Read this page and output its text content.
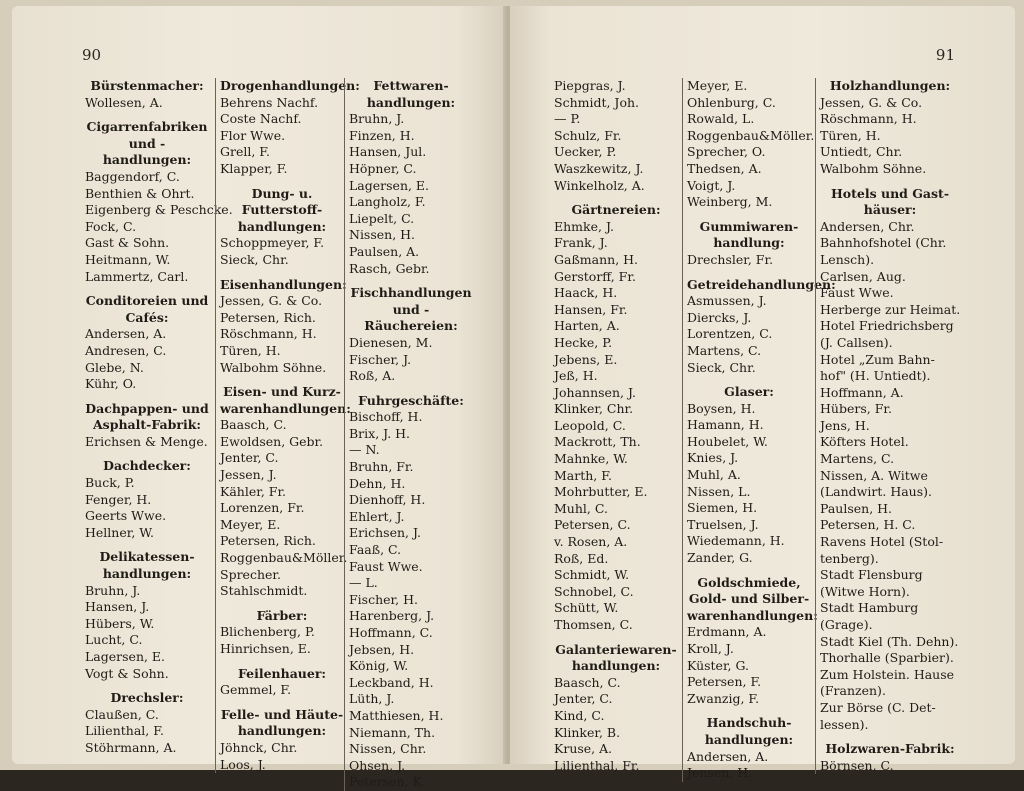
90
Bürstenmacher:
Wollesen, A.
Cigarrenfabriken und -handlungen:
Baggendorf, C.
Benthien & Ohrt.
Eigenberg & Peschcke.
Fock, C.
Gast & Sohn.
Heitmann, W.
Lammertz, Carl.
Conditoreien und Cafés:
Andersen, A.
Andresen, C.
Glebe, N.
Kühr, O.
Dachpappen- und Asphalt-Fabrik:
Erichsen & Menge.
Dachdecker:
Buck, P.
Fenger, H.
Geerts Wwe.
Hellner, W.
Delikatessen-handlungen:
Bruhn, J.
Hansen, J.
Hübers, W.
Lucht, C.
Lagersen, E.
Vogt & Sohn.
Drechsler:
Claußen, C.
Lilienthal, F.
Stöhrmann, A.
Drogenhandlungen:
Behrens Nachf.
Coste Nachf.
Flor Wwe.
Grell, F.
Klapper, F.
Dung- u. Futterstoff-handlungen:
Schoppmeyer, F.
Sieck, Chr.
Eisenhandlungen:
Jessen, G. & Co.
Petersen, Rich.
Röschmann, H.
Türen, H.
Walbohm Söhne.
Eisen- und Kurz-warenhandlungen:
Baasch, C.
Ewoldsen, Gebr.
Jenter, C.
Jessen, J.
Kähler, Fr.
Lorenzen, Fr.
Meyer, E.
Petersen, Rich.
Roggenbau&Möller.
Sprecher.
Stahlschmidt.
Färber:
Blichenberg, P.
Hinrichsen, E.
Feilenhauer:
Gemmel, F.
Felle- und Häute-handlungen:
Jöhnck, Chr.
Loos, J.
Fettwaren-handlungen:
Bruhn, J.
Finzen, H.
Hansen, Jul.
Höpner, C.
Lagersen, E.
Langholz, F.
Liepelt, C.
Nissen, H.
Paulsen, A.
Rasch, Gebr.
Fischhandlungen und -Räuchereien:
Dienesen, M.
Fischer, J.
Roß, A.
Fuhrgeschäfte:
Bischoff, H.
Brix, J. H.
— N.
Bruhn, Fr.
Dehn, H.
Dienhoff, H.
Ehlert, J.
Erichsen, J.
Faaß, C.
Faust Wwe.
— L.
Fischer, H.
Harenberg, J.
Hoffmann, C.
Jebsen, H.
König, W.
Leckband, H.
Lüth, J.
Matthiesen, H.
Niemann, Th.
Nissen, Chr.
Ohsen, J.
Petersen, K.
91
Piepgras, J.
Schmidt, Joh.
— P.
Schulz, Fr.
Uecker, P.
Waszkewitz, J.
Winkelholz, A.
Gärtnereien:
Ehmke, J.
Frank, J.
Gaßmann, H.
Gerstorff, Fr.
Haack, H.
Hansen, Fr.
Harten, A.
Hecke, P.
Jebens, E.
Jeß, H.
Johannsen, J.
Klinker, Chr.
Leopold, C.
Mackrott, Th.
Mahnke, W.
Marth, F.
Mohrbutter, E.
Muhl, C.
Petersen, C.
v. Rosen, A.
Roß, Ed.
Schmidt, W.
Schnobel, C.
Schütt, W.
Thomsen, C.
Galanteriewaren-handlungen:
Baasch, C.
Jenter, C.
Kind, C.
Klinker, B.
Kruse, A.
Lilienthal, Fr.
Meyer, E.
Ohlenburg, C.
Rowald, L.
Roggenbau&Möller.
Sprecher, O.
Thedsen, A.
Voigt, J.
Weinberg, M.
Gummiwaren-handlung:
Drechsler, Fr.
Getreidehandlungen:
Asmussen, J.
Diercks, J.
Lorentzen, C.
Martens, C.
Sieck, Chr.
Glaser:
Boysen, H.
Hamann, H.
Houbelet, W.
Knies, J.
Muhl, A.
Nissen, L.
Siemen, H.
Truelsen, J.
Wiedemann, H.
Zander, G.
Goldschmiede, Gold- und Silber-warenhandlungen:
Erdmann, A.
Kroll, J.
Küster, G.
Petersen, F.
Zwanzig, F.
Handschuh-handlungen:
Andersen, A.
Jensen, H.
Holzhandlungen:
Jessen, G. & Co.
Röschmann, H.
Türen, H.
Untiedt, Chr.
Walbohm Söhne.
Hotels und Gast-häuser:
Andersen, Chr.
Bahnhofshotel (Chr.
Lensch).
Carlsen, Aug.
Faust Wwe.
Herberge zur Heimat.
Hotel Friedrichsberg
(J. Callsen).
Hotel „Zum Bahn-
hof" (H. Untiedt).
Hoffmann, A.
Hübers, Fr.
Jens, H.
Köfters Hotel.
Martens, C.
Nissen, A. Witwe
(Landwirt. Haus).
Paulsen, H.
Petersen, H. C.
Ravens Hotel (Stol-
tenberg).
Stadt Flensburg
(Witwe Horn).
Stadt Hamburg
(Grage).
Stadt Kiel (Th. Dehn).
Thorhalle (Sparbier).
Zum Holstein. Hause
(Franzen).
Zur Börse (C. Det-
lessen).
Holzwaren-Fabrik:
Börnsen, C.
